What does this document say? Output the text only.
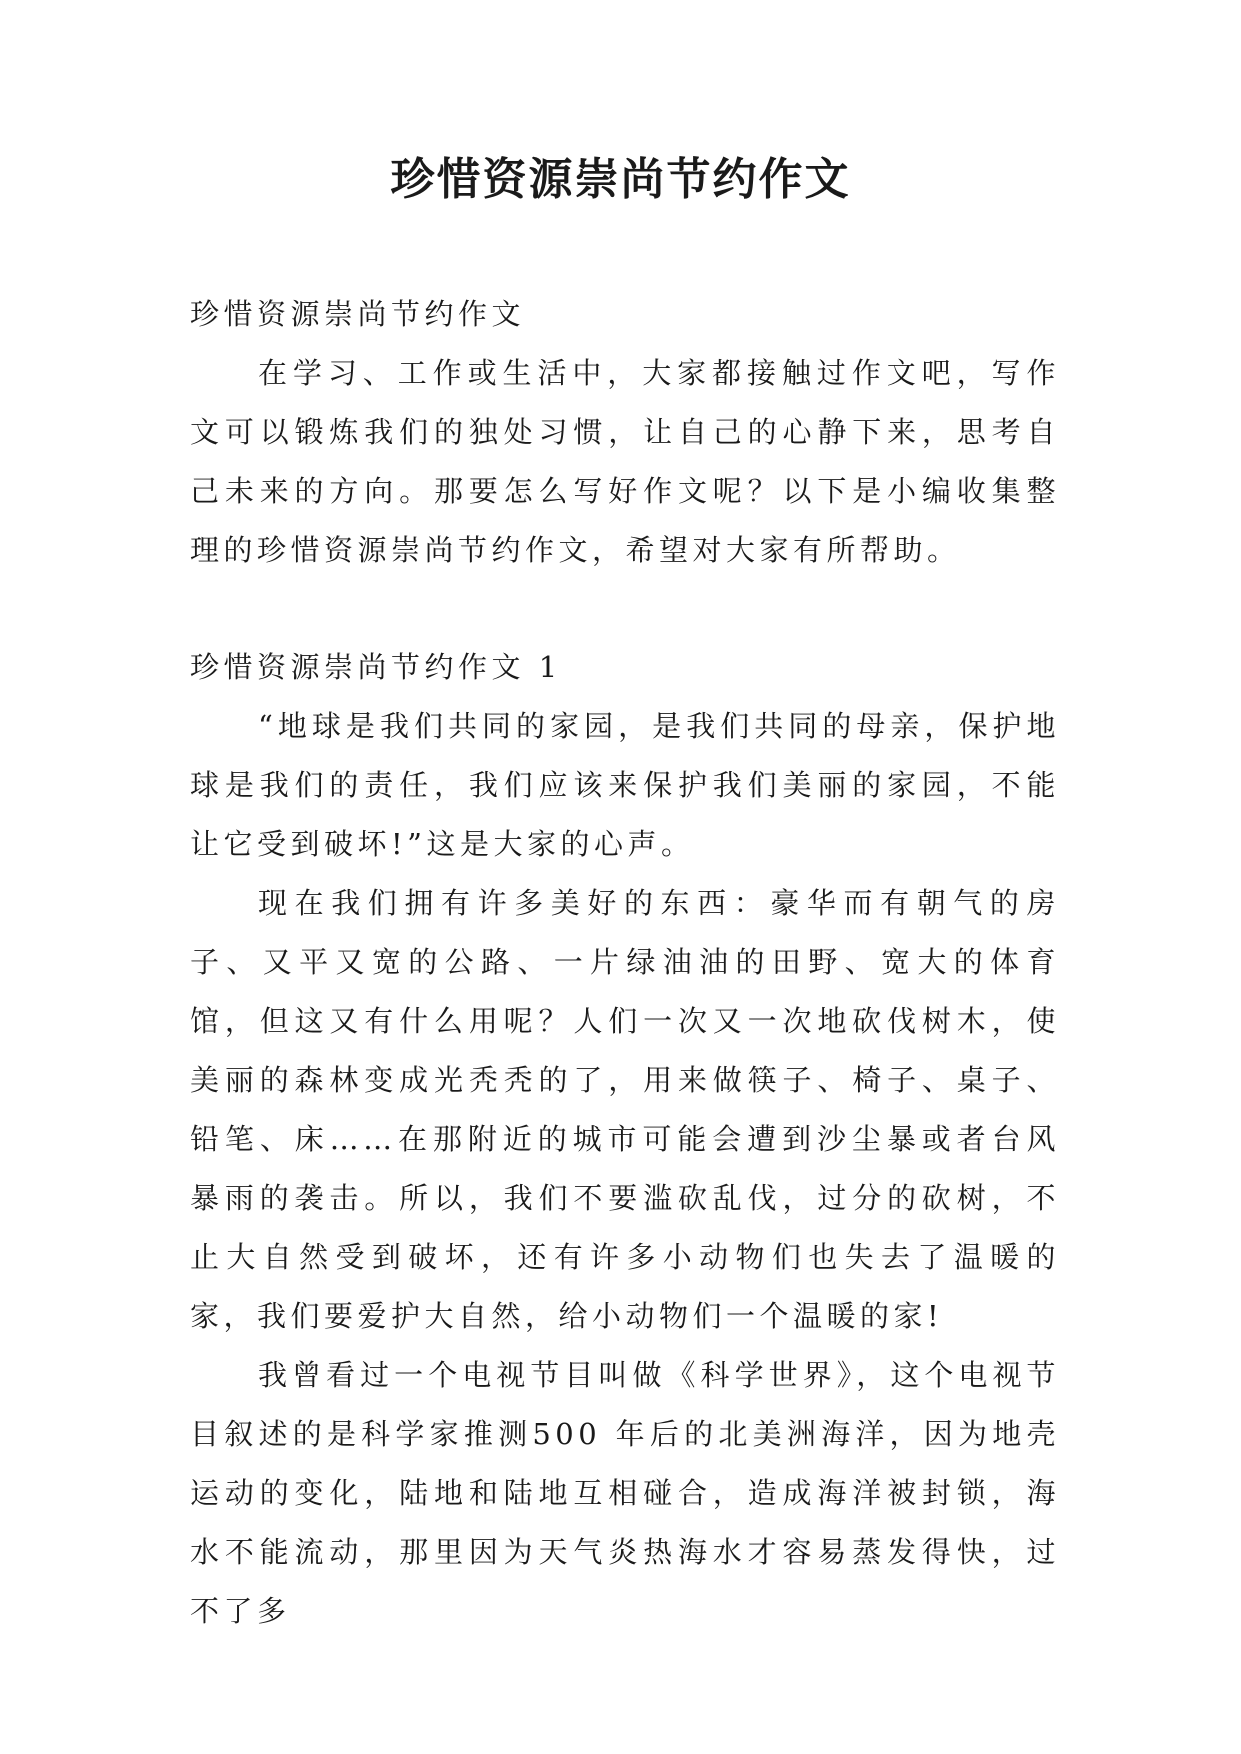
珍惜资源崇尚节约作文

珍惜资源崇尚节约作文

在学习、工作或生活中，大家都接触过作文吧，写作文可以锻炼我们的独处习惯，让自己的心静下来，思考自己未来的方向。那要怎么写好作文呢？以下是小编收集整理的珍惜资源崇尚节约作文，希望对大家有所帮助。

珍惜资源崇尚节约作文 1

“地球是我们共同的家园，是我们共同的母亲，保护地球是我们的责任，我们应该来保护我们美丽的家园，不能让它受到破坏!”这是大家的心声。

现在我们拥有许多美好的东西：豪华而有朝气的房子、又平又宽的公路、一片绿油油的田野、宽大的体育馆，但这又有什么用呢？人们一次又一次地砍伐树木，使美丽的森林变成光秃秃的了，用来做筷子、椅子、桌子、铅笔、床……在那附近的城市可能会遭到沙尘暴或者台风暴雨的袭击。所以，我们不要滥砍乱伐，过分的砍树，不止大自然受到破坏，还有许多小动物们也失去了温暖的家，我们要爱护大自然，给小动物们一个温暖的家!

我曾看过一个电视节目叫做《科学世界》，这个电视节目叙述的是科学家推测500 年后的北美洲海洋，因为地壳运动的变化，陆地和陆地互相碰合，造成海洋被封锁，海水不能流动，那里因为天气炎热海水才容易蒸发得快，过不了多
